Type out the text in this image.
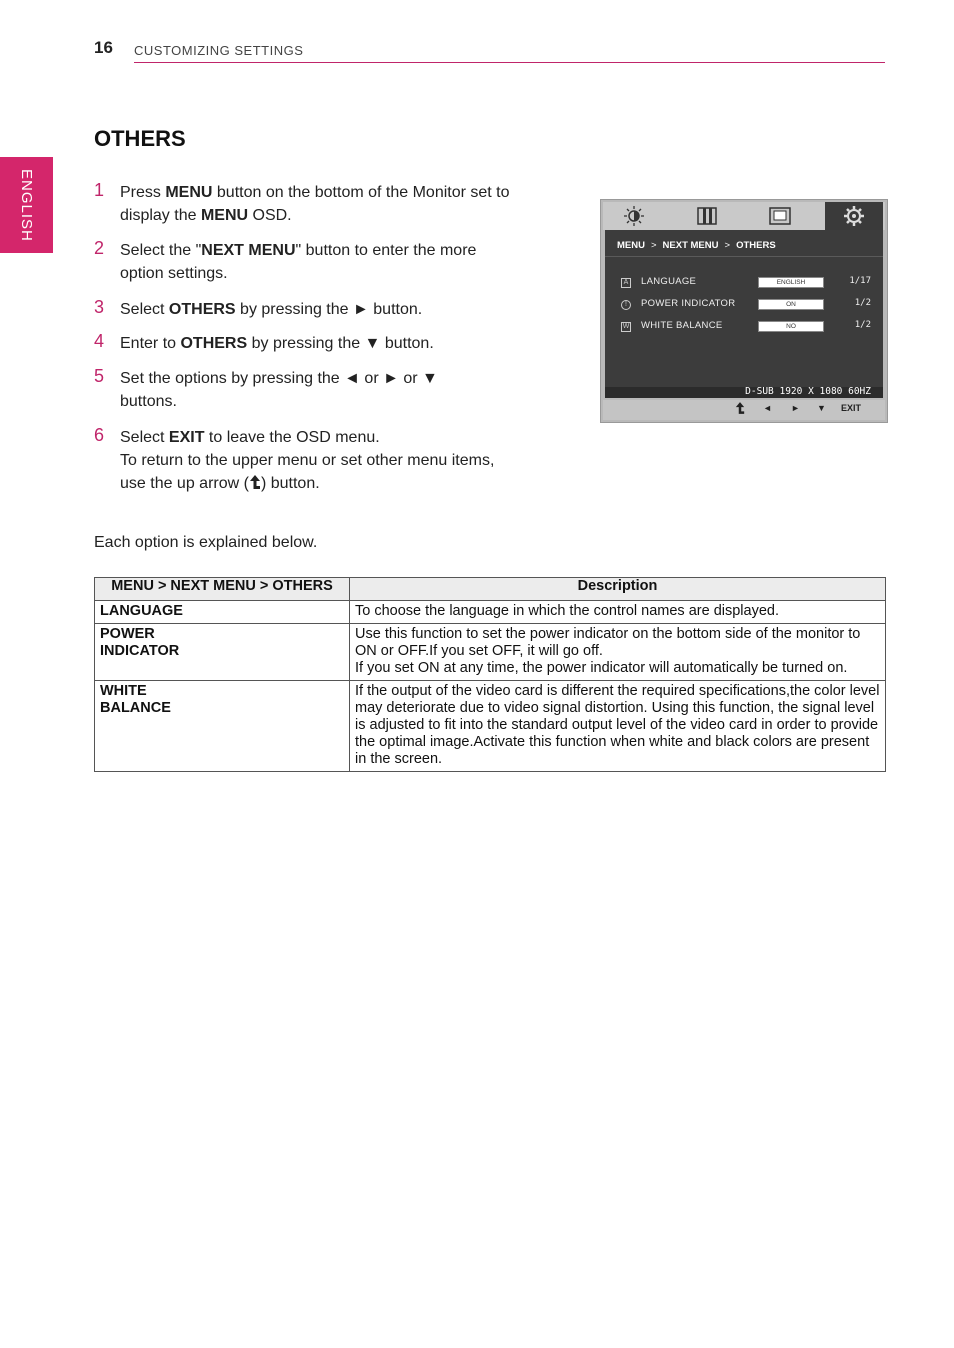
16 CUSTOMIZING SETTINGS
ENGLISH
OTHERS
1 Press MENU button on the bottom of the Monitor set to display the MENU OSD.
2 Select the "NEXT MENU" button to enter the more option settings.
3 Select OTHERS by pressing the ► button.
4 Enter to OTHERS by pressing the ▼ button.
5 Set the options by pressing the ◄ or ► or ▼ buttons.
6 Select EXIT to leave the OSD menu.
To return to the upper menu or set other menu items, use the up arrow ( ) button.
MENU > NEXT MENU > OTHERS
A LANGUAGE	ENGLISH	1/17
!	POWER INDICATOR	ON	1/2
W WHITE BALANCE	NO	1/2
D-SUB 1920 X 1080 60HZ
◄ ► ▼ EXIT
Each option is explained below.
MENU > NEXT MENU > OTHERS	Description
LANGUAGE	To choose the language in which the control names are displayed.

POWER INDICATOR	Use this function to set the power indicator on the bottom side of the monitor to ON or OFF.If you set OFF, it will go off.
If you set ON at any time, the power indicator will automatically be turned on.

WHITE BALANCE	If the output of the video card is different the required specifications,the color level may deteriorate due to video signal distortion. Using this function, the signal level is adjusted to fit into the standard output level of the video card in order to provide the optimal image.Activate this function when white and black colors are present in the screen.
